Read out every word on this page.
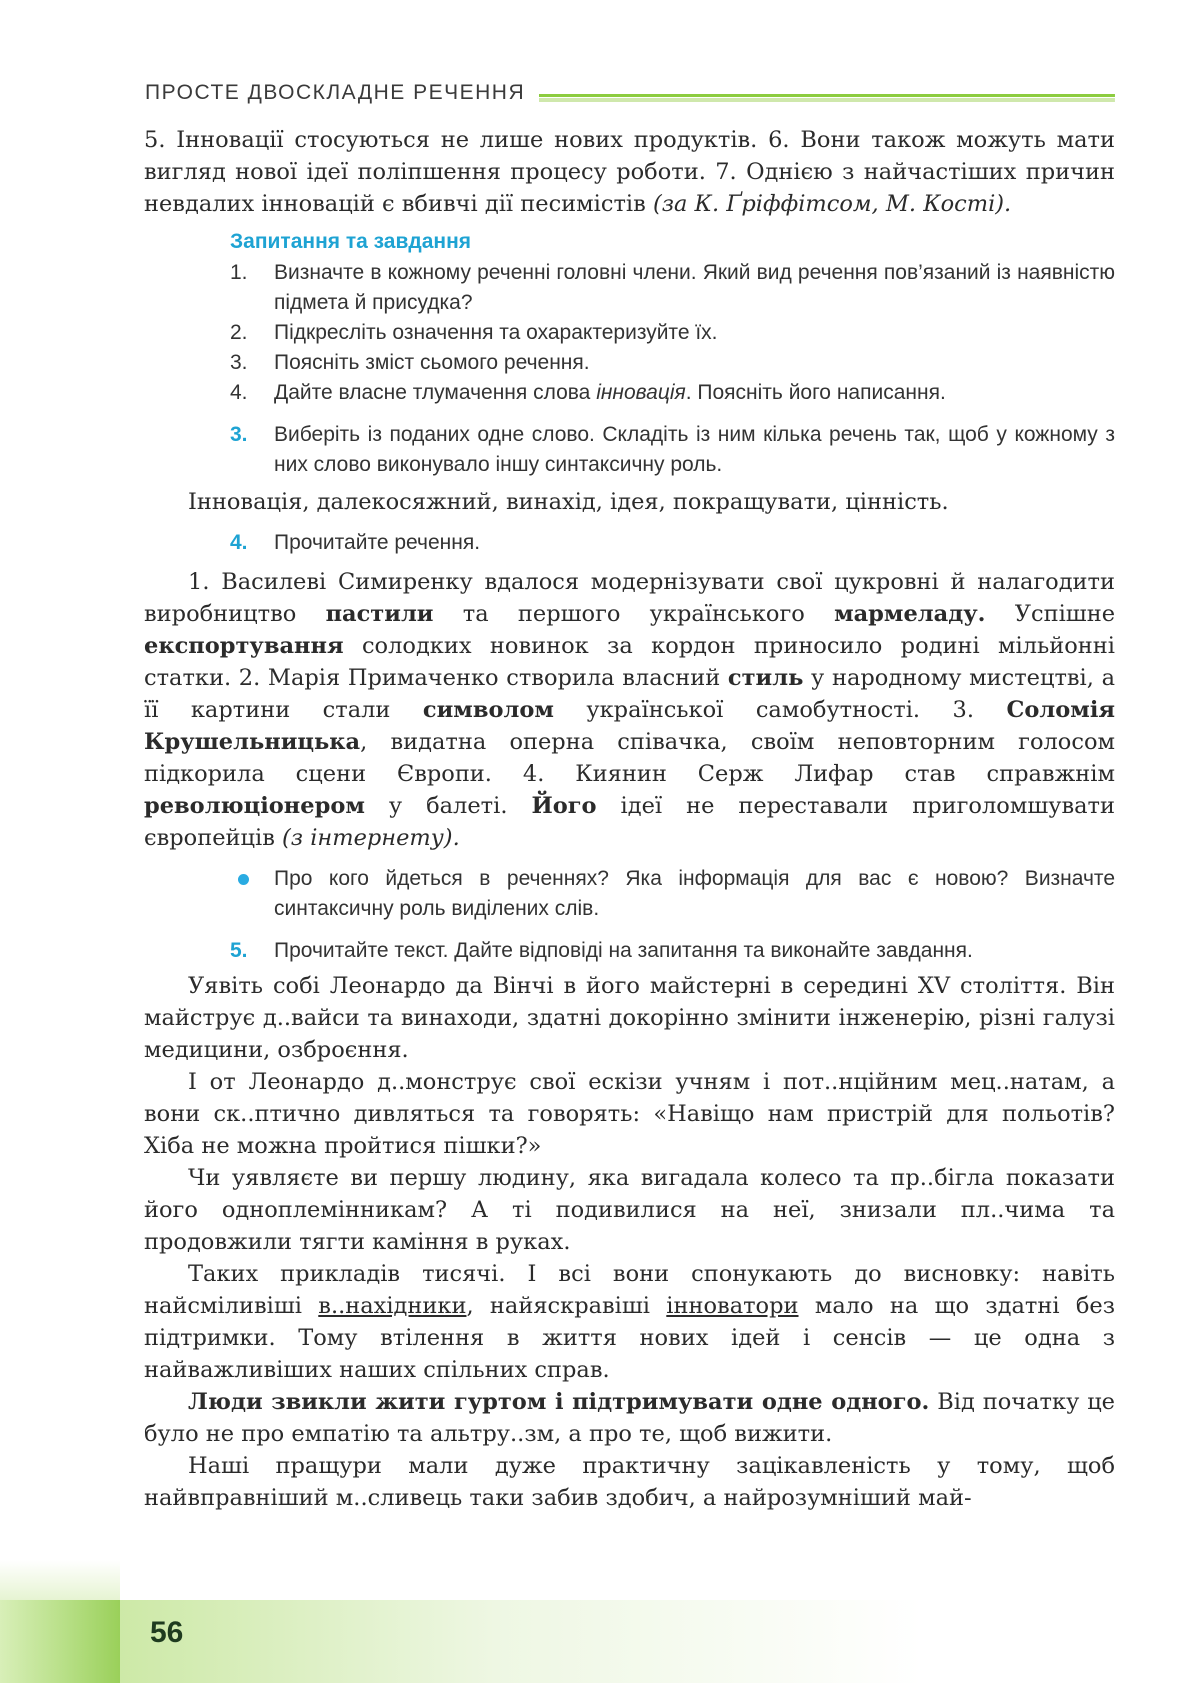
ПРОСТЕ ДВОСКЛАДНЕ РЕЧЕННЯ

5. Інновації стосуються не лише нових продуктів. 6. Вони також можуть мати вигляд нової ідеї поліпшення процесу роботи. 7. Однією з найчастіших причин невдалих інновацій є вбивчі дії песимістів (за К. Ґріффітсом, М. Кості).

Запитання та завдання
1.	Визначте в кожному реченні головні члени. Який вид речення пов’язаний із наявністю підмета й присудка?
2.	Підкресліть означення та охарактеризуйте їх.
3.	Поясніть зміст сьомого речення.
4.	Дайте власне тлумачення слова інновація. Поясніть його написання.
3.	Виберіть із поданих одне слово. Складіть із ним кілька речень так, щоб у кожному з них слово виконувало іншу синтаксичну роль.

Інновація, далекосяжний, винахід, ідея, покращувати, цінність.

4.	Прочитайте речення.

1. Василеві Симиренку вдалося модернізувати свої цукровні й налагодити виробництво пастили та першого українського мармеладу. Успішне експортування солодких новинок за кордон приносило родині мільйонні статки. 2. Марія Примаченко створила власний стиль у народному мистецтві, а її картини стали символом української самобутності. 3. Соломія Крушельницька, видатна оперна співачка, своїм неповторним голосом підкорила сцени Європи. 4. Киянин Серж Лифар став справжнім революціонером у балеті. Його ідеї не переставали приголомшувати європейців (з інтернету).

Про кого йдеться в реченнях? Яка інформація для вас є новою? Визначте синтаксичну роль виділених слів.
5.	Прочитайте текст. Дайте відповіді на запитання та виконайте завдання.

Уявіть собі Леонардо да Вінчі в його майстерні в середині XV століття. Він майструє д..вайси та винаходи, здатні докорінно змінити інженерію, різні галузі медицини, озброєння.

І от Леонардо д..монструє свої ескізи учням і пот..нційним мец..натам, а вони ск..птично дивляться та говорять: «Навіщо нам пристрій для польотів? Хіба не можна пройтися пішки?»

Чи уявляєте ви першу людину, яка вигадала колесо та пр..бігла показати його одноплемінникам? А ті подивилися на неї, знизали пл..чима та продовжили тягти каміння в руках.

Таких прикладів тисячі. І всі вони спонукають до висновку: навіть найсміливіші в..нахідники, найяскравіші інноватори мало на що здатні без підтримки. Тому втілення в життя нових ідей і сенсів — це одна з найважливіших наших спільних справ.

Люди звикли жити гуртом і підтримувати одне одного. Від початку це було не про емпатію та альтру..зм, а про те, щоб вижити.

Наші пращури мали дуже практичну зацікавленість у тому, щоб найвправніший м..сливець таки забив здобич, а найрозумніший май-

56
